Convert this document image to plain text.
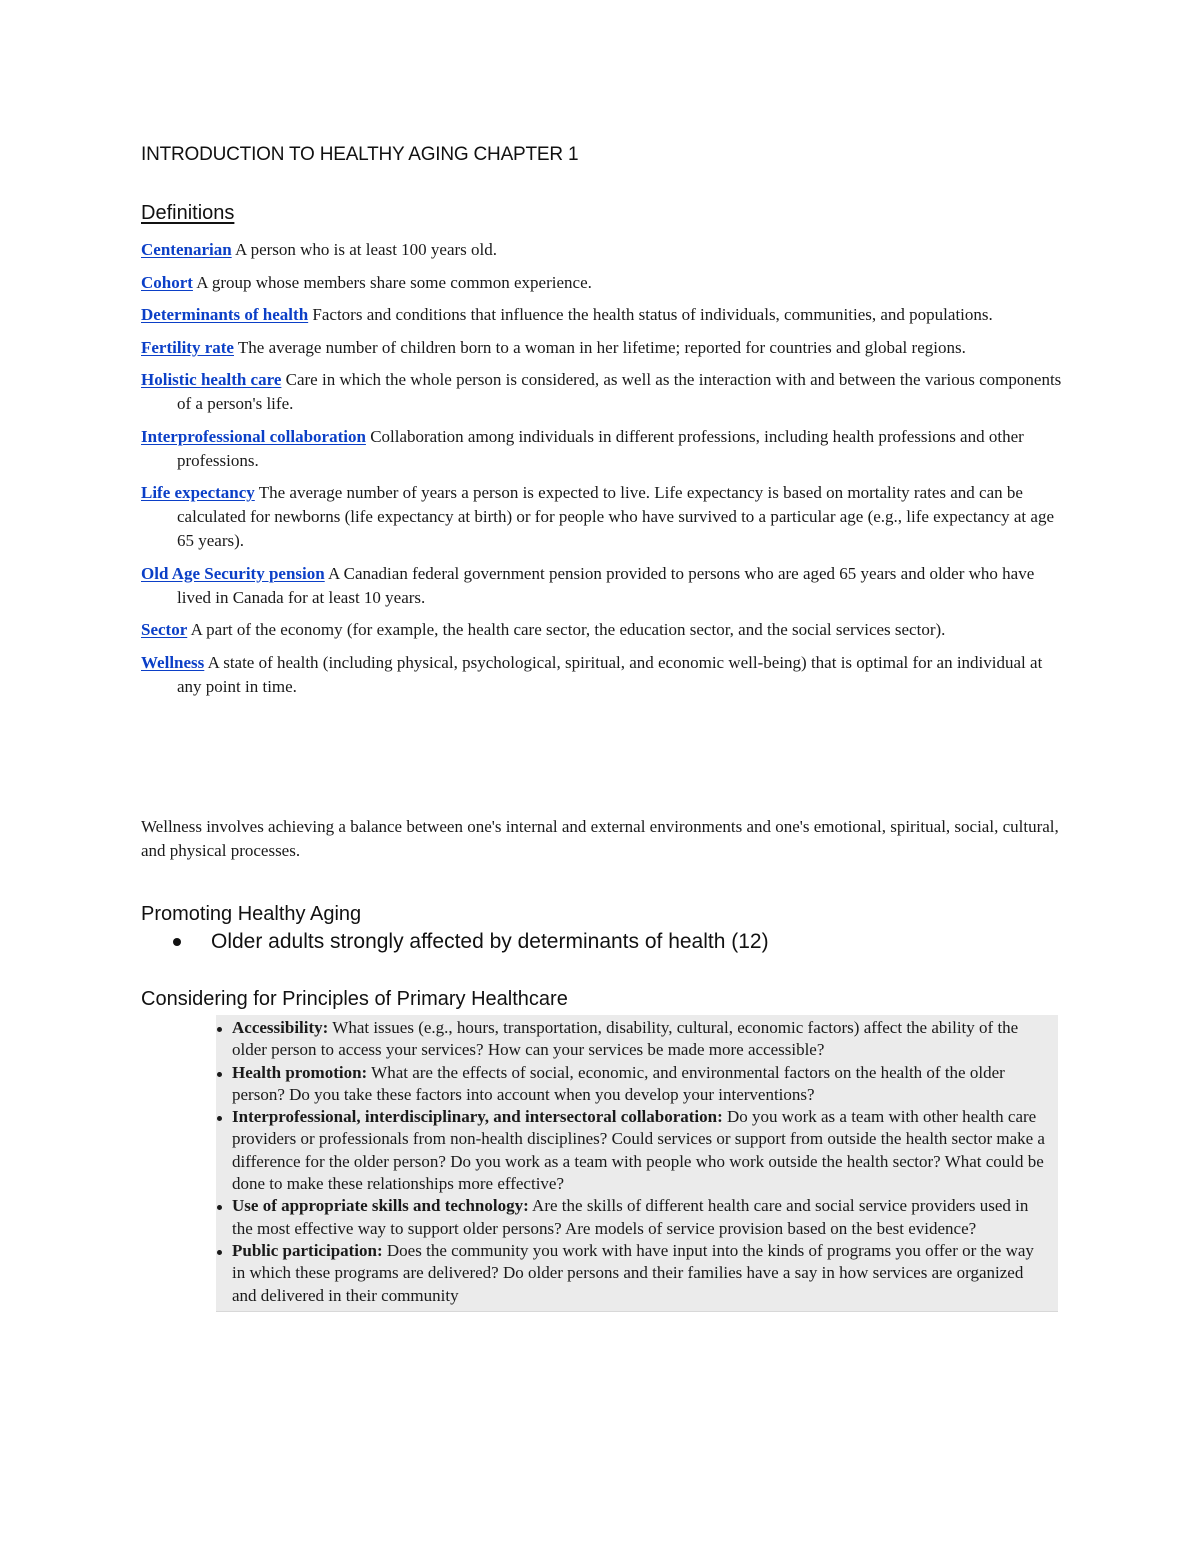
INTRODUCTION TO HEALTHY AGING CHAPTER 1
Definitions

Centenarian A person who is at least 100 years old.

Cohort A group whose members share some common experience.

Determinants of health Factors and conditions that influence the health status of individuals, communities, and populations.

Fertility rate The average number of children born to a woman in her lifetime; reported for countries and global regions.

Holistic health care Care in which the whole person is considered, as well as the interaction with and between the various components of a person's life.

Interprofessional collaboration Collaboration among individuals in different professions, including health professions and other professions.

Life expectancy The average number of years a person is expected to live. Life expectancy is based on mortality rates and can be calculated for newborns (life expectancy at birth) or for people who have survived to a particular age (e.g., life expectancy at age 65 years).

Old Age Security pension A Canadian federal government pension provided to persons who are aged 65 years and older who have lived in Canada for at least 10 years.

Sector A part of the economy (for example, the health care sector, the education sector, and the social services sector).

Wellness A state of health (including physical, psychological, spiritual, and economic well-being) that is optimal for an individual at any point in time.

Wellness involves achieving a balance between one's internal and external environments and one's emotional, spiritual, social, cultural, and physical processes.

Promoting Healthy Aging
Older adults strongly affected by determinants of health (12)
Considering for Principles of Primary Healthcare

Accessibility: What issues (e.g., hours, transportation, disability, cultural, economic factors) affect the ability of the older person to access your services? How can your services be made more accessible?

Health promotion: What are the effects of social, economic, and environmental factors on the health of the older person? Do you take these factors into account when you develop your interventions?

Interprofessional, interdisciplinary, and intersectoral collaboration: Do you work as a team with other health care providers or professionals from non-health disciplines? Could services or support from outside the health sector make a difference for the older person? Do you work as a team with people who work outside the health sector? What could be done to make these relationships more effective?

Use of appropriate skills and technology: Are the skills of different health care and social service providers used in the most effective way to support older persons? Are models of service provision based on the best evidence?

Public participation: Does the community you work with have input into the kinds of programs you offer or the way in which these programs are delivered? Do older persons and their families have a say in how services are organized and delivered in their community
